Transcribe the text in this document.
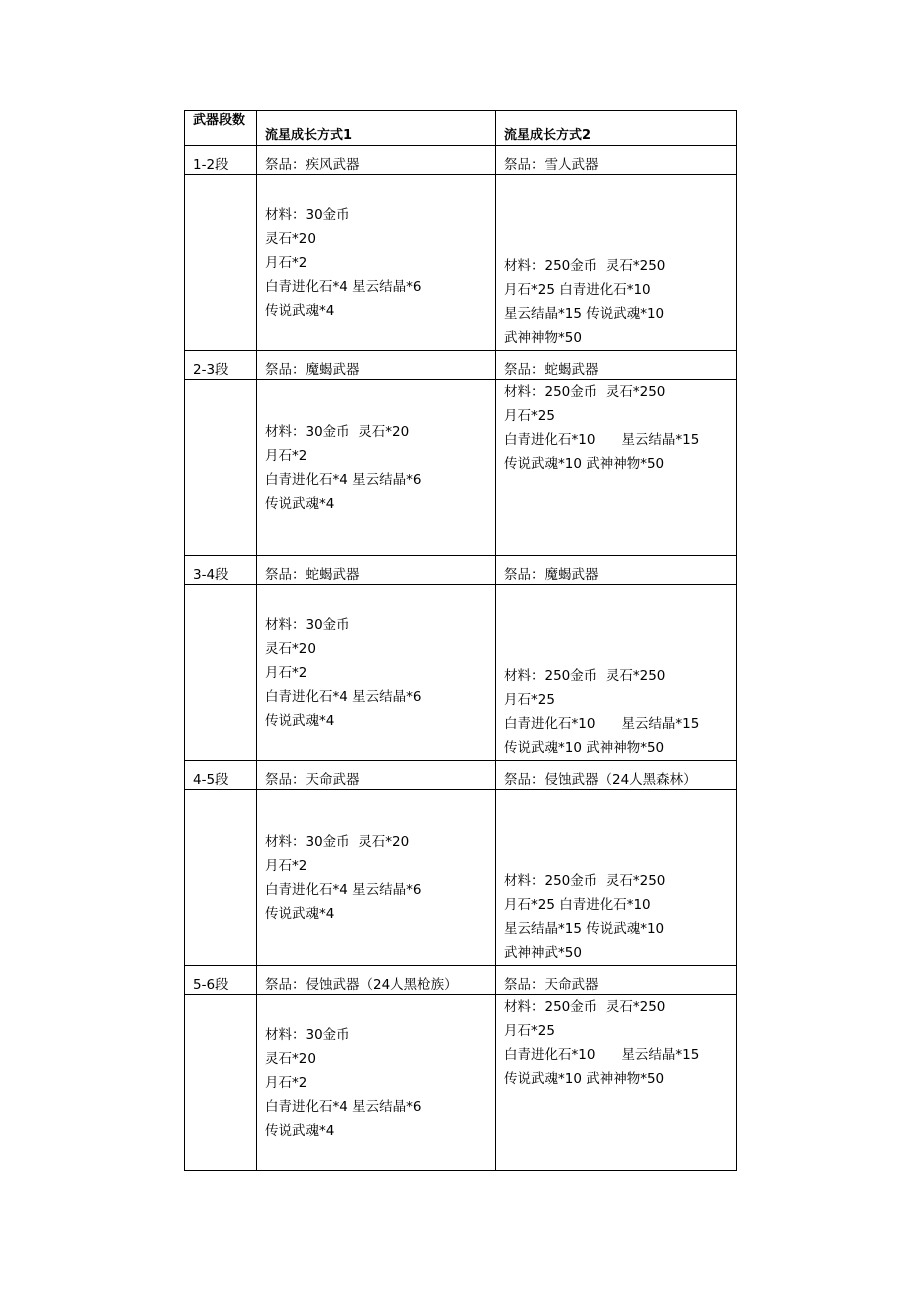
武器段数	流星成长方式1	流星成长方式2
1-2段	祭品：疾风武器	祭品：雪人武器

	材料：30金币
灵石*20
月石*2
白青进化石*4 星云结晶*6
传说武魂*4	材料：250金币  灵石*250
月石*25 白青进化石*10
星云结晶*15 传说武魂*10
武神神物*50

2-3段	祭品：魔蝎武器	祭品：蛇蝎武器

	材料：30金币  灵石*20
月石*2
白青进化石*4 星云结晶*6
传说武魂*4	材料：250金币  灵石*250
月石*25
白青进化石*10 星云结晶*15
传说武魂*10 武神神物*50

3-4段	祭品：蛇蝎武器	祭品：魔蝎武器

	材料：30金币
灵石*20
月石*2
白青进化石*4 星云结晶*6
传说武魂*4	材料：250金币  灵石*250
月石*25
白青进化石*10 星云结晶*15
传说武魂*10 武神神物*50

4-5段	祭品：天命武器	祭品：侵蚀武器（24人黑森林）

	材料：30金币  灵石*20
月石*2
白青进化石*4 星云结晶*6
传说武魂*4	材料：250金币  灵石*250
月石*25 白青进化石*10
星云结晶*15 传说武魂*10
武神神武*50

5-6段	祭品：侵蚀武器（24人黑枪族）	祭品：天命武器

	材料：30金币
灵石*20
月石*2
白青进化石*4 星云结晶*6
传说武魂*4	材料：250金币  灵石*250
月石*25
白青进化石*10 星云结晶*15
传说武魂*10 武神神物*50
